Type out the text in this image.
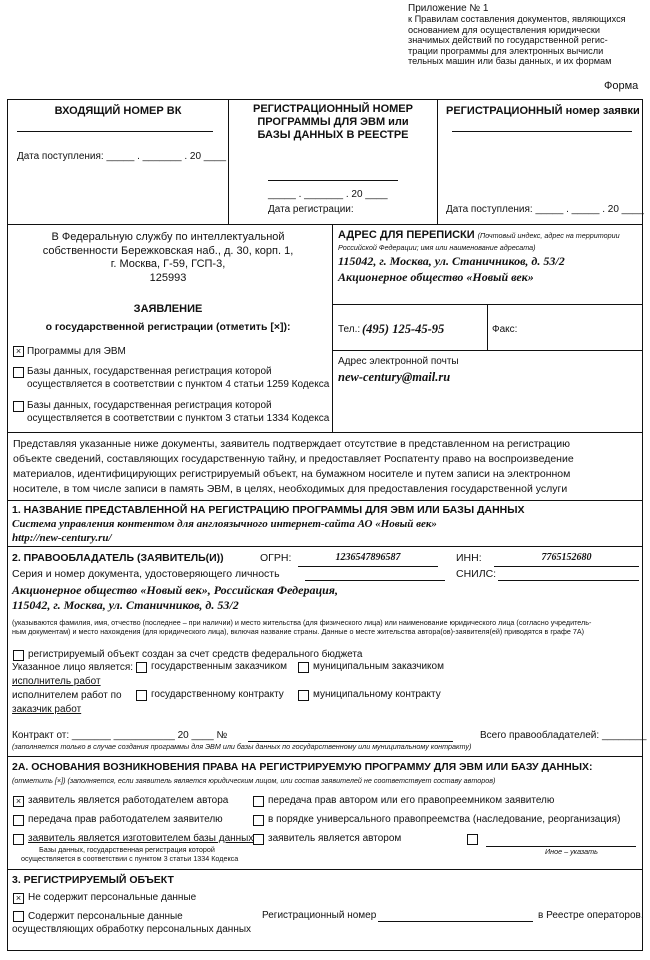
Приложение № 1
к Правилам составления документов, являющихся
основанием для осуществления юридически
значимых действий по государственной регис-
трации программы для электронных вычисли
тельных машин или базы данных, и их формам
Форма
ВХОДЯЩИЙ НОМЕР ВК
Дата поступления: _____ . _______ . 20 ____
РЕГИСТРАЦИОННЫЙ НОМЕР ПРОГРАММЫ ДЛЯ ЭВМ или БАЗЫ ДАННЫХ В РЕЕСТРЕ
_____ . _______ . 20 ____
Дата регистрации:
РЕГИСТРАЦИОННЫЙ номер заявки
Дата поступления: _____ . _____ . 20 ____
В Федеральную службу по интеллектуальной
собственности Бережковская наб., д. 30, корп. 1,
г. Москва, Г-59, ГСП-3,
125993
ЗАЯВЛЕНИЕ
о государственной регистрации (отметить [×]):
× Программы для ЭВМ
Базы данных, государственная регистрация которой
осуществляется в соответствии с пунктом 4 статьи 1259 Кодекса
Базы данных, государственная регистрация которой
осуществляется в соответствии с пунктом 3 статьи 1334 Кодекса
АДРЕС ДЛЯ ПЕРЕПИСКИ (Почтовый индекс, адрес на территории
Российской Федерации; имя или наименование адресата)
115042, г. Москва, ул. Станичников, д. 53/2
Акционерное общество «Новый век»
Тел.: (495) 125-45-95	Факс:
Адрес электронной почты
new-century@mail.ru
Представляя указанные ниже документы, заявитель подтверждает отсутствие в представленном на регистрацию
объекте сведений, составляющих государственную тайну, и предоставляет Роспатенту право на воспроизведение
материалов, идентифицирующих регистрируемый объект, на бумажном носителе и путем записи на электронном
носителе, в том числе записи в память ЭВМ, в целях, необходимых для предоставления государственной услуги
1. НАЗВАНИЕ ПРЕДСТАВЛЕННОЙ НА РЕГИСТРАЦИЮ ПРОГРАММЫ ДЛЯ ЭВМ ИЛИ БАЗЫ ДАННЫХ
Система управления контентом для англоязычного интернет-сайта АО «Новый век»
http://new-century.ru/
2. ПРАВООБЛАДАТЕЛЬ (ЗАЯВИТЕЛЬ(И))	ОГРН:	1236547896587	ИНН:	7765152680
Серия и номер документа, удостоверяющего личность	СНИЛС:
Акционерное общество «Новый век», Российская Федерация,
115042, г. Москва, ул. Станичников, д. 53/2
(указываются фамилия, имя, отчество (последнее – при наличии) и место жительства (для физического лица) или наименование юридического лица (согласно учредитель-
ным документам) и место нахождения (для юридического лица), включая название страны. Данные о месте жительства автора(ов)-заявителя(ей) приводятся в графе 7А)
регистрируемый объект создан за счет средств федерального бюджета
Указанное лицо является: государственным заказчиком	муниципальным заказчиком
исполнитель работ
исполнителем работ по	государственному контракту	муниципальному контракту
заказчик работ
Контракт от: _______ ___________ 20 ____ №	Всего правообладателей: ________
(заполняется только в случае создания программы для ЭВМ или базы данных по государственному или муниципальному контракту)
2А. ОСНОВАНИЯ ВОЗНИКНОВЕНИЯ ПРАВА НА РЕГИСТРИРУЕМУЮ ПРОГРАММУ ДЛЯ ЭВМ ИЛИ БАЗУ ДАННЫХ:
(отметить [×]) (заполняется, если заявитель является юридическим лицом, или состав заявителей не соответствует составу авторов)
× заявитель является работодателем автора	передача прав автором или его правопреемником заявителю
передача прав работодателем заявителю	в порядке универсального правопреемства (наследование, реорганизация)
заявитель является изготовителем базы данных заявитель является автором
Базы данных, государственная регистрация которой
осуществляется в соответствии с пунктом 3 статьи 1334 Кодекса
Иное – указать
3. РЕГИСТРИРУЕМЫЙ ОБЪЕКТ
× Не содержит персональные данные
Содержит персональные данные
осуществляющих обработку персональных данных
Регистрационный номер	в Реестре операторов,
